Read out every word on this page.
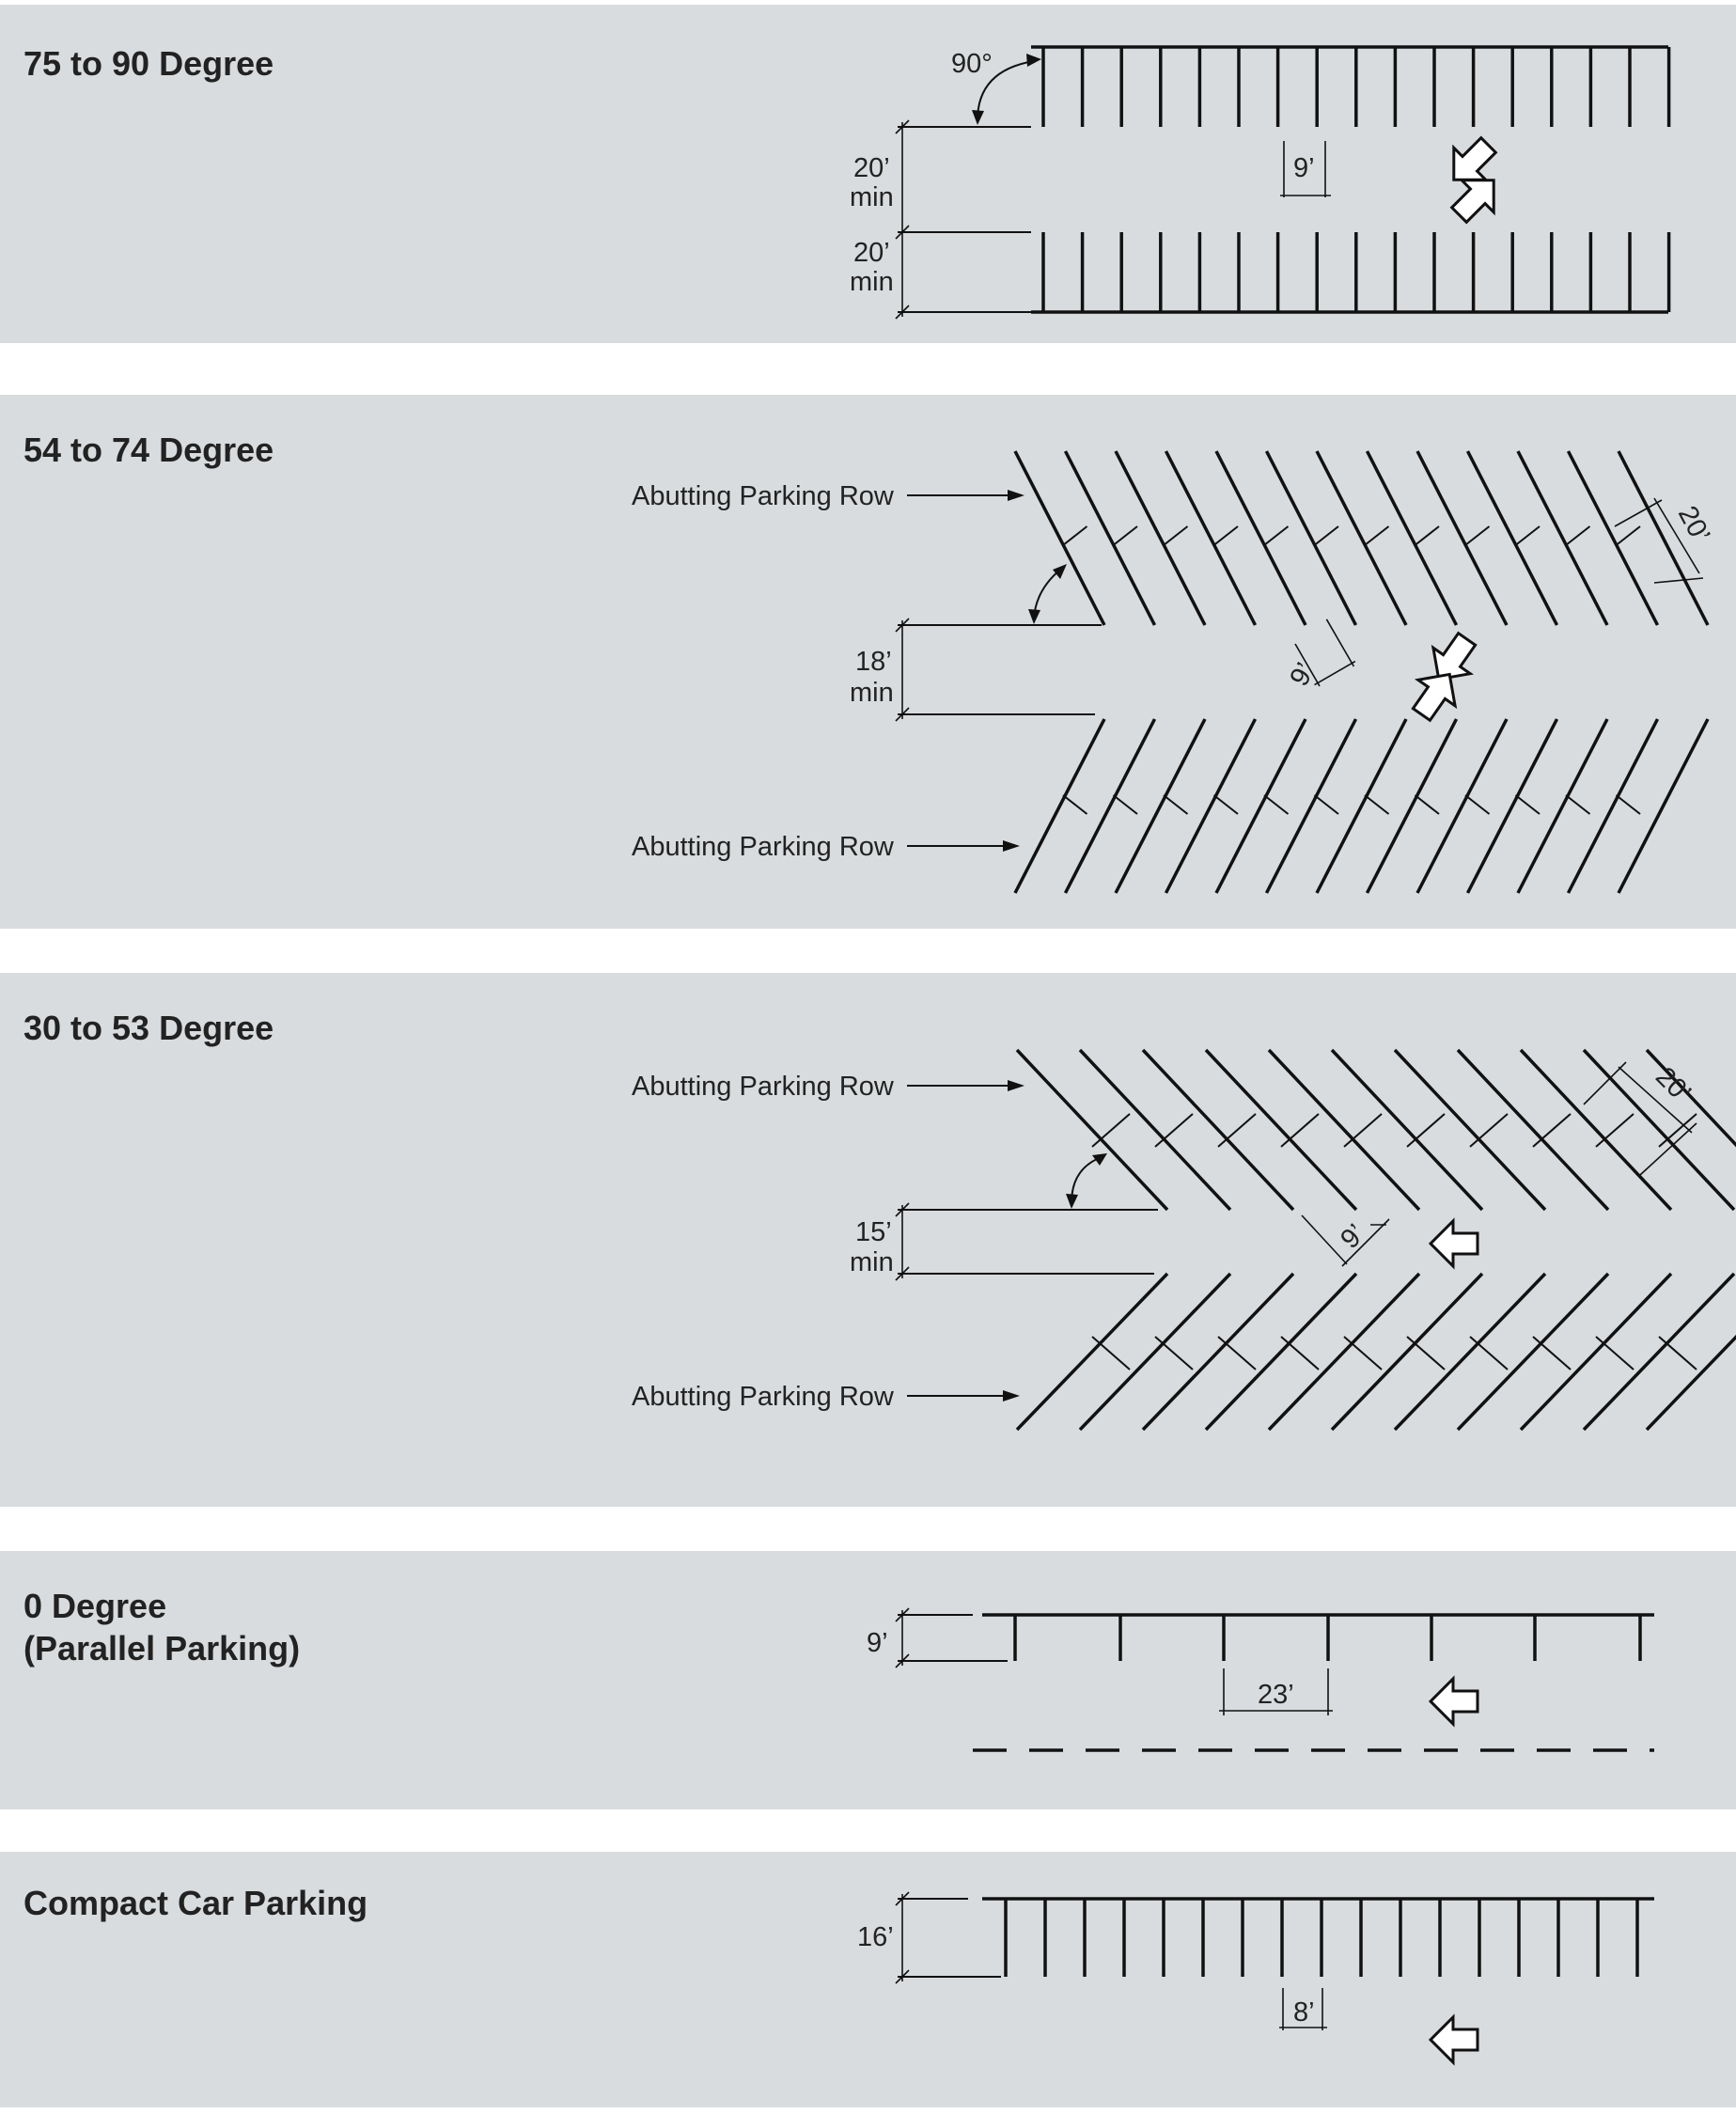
75 to 90 Degree
20’
min
20’
min
90°
9’
54 to 74 Degree
Abutting Parking Row
Abutting Parking Row
18’
min
9’
20’
30 to 53 Degree
Abutting Parking Row
Abutting Parking Row
15’
min
9’
20’
0 Degree
(Parallel Parking)	9’
23’
Compact Car Parking
16’
8’
